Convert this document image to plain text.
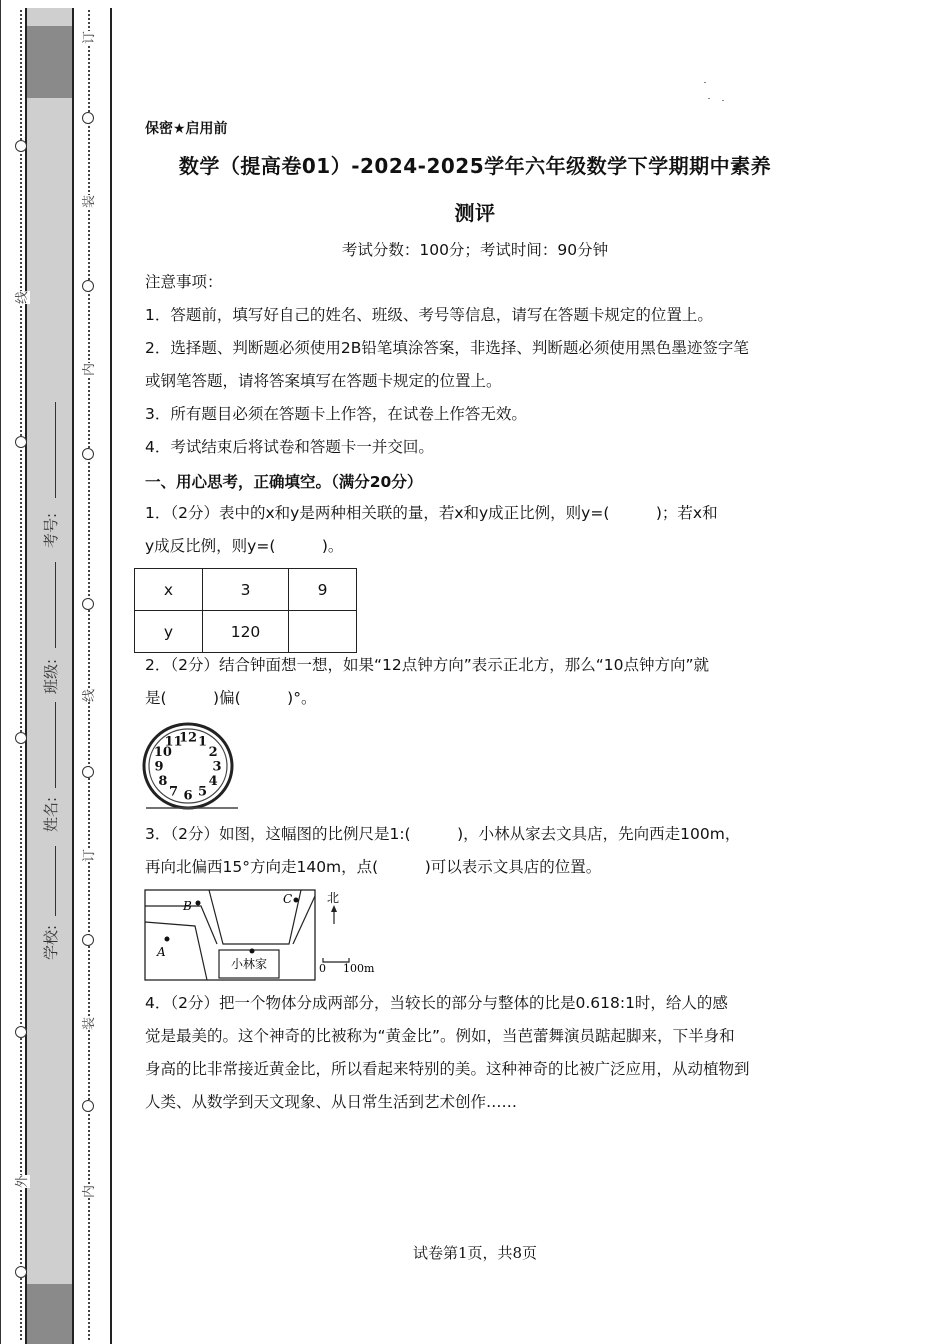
线
外
订
装
内
线
订
装
内
考号:
班级:
姓名:
学校:
保密★启用前
数学（提高卷01）-2024-2025学年六年级数学下学期期中素养
测评
考试分数：100分；考试时间：90分钟
注意事项：
1．答题前，填写好自己的姓名、班级、考号等信息，请写在答题卡规定的位置上。
2．选择题、判断题必须使用2B铅笔填涂答案，非选择、判断题必须使用黑色墨迹签字笔
或钢笔答题，请将答案填写在答题卡规定的位置上。
3．所有题目必须在答题卡上作答，在试卷上作答无效。
4．考试结束后将试卷和答题卡一并交回。
一、用心思考，正确填空。（满分20分）
1．（2分）表中的x和y是两种相关联的量，若x和y成正比例，则y=(　　　)；若x和
y成反比例，则y=(　　　)。
x	3	9
y	120	
2．（2分）结合钟面想一想，如果“12点钟方向”表示正北方，那么“10点钟方向”就
是(　　　)偏(　　　)°。
12 1
2
3
4
5
6
7
8
9
10
11
3．（2分）如图，这幅图的比例尺是1:(　　　)，小林从家去文具店，先向西走100m，
再向北偏西15°方向走140m，点(　　　)可以表示文具店的位置。
A
B	C
小林家
北
0 100m
4．（2分）把一个物体分成两部分，当较长的部分与整体的比是0.618:1时，给人的感
觉是最美的。这个神奇的比被称为“黄金比”。例如，当芭蕾舞演员踮起脚来，下半身和
身高的比非常接近黄金比，所以看起来特别的美。这种神奇的比被广泛应用，从动植物到
人类、从数学到天文现象、从日常生活到艺术创作……
试卷第1页，共8页
